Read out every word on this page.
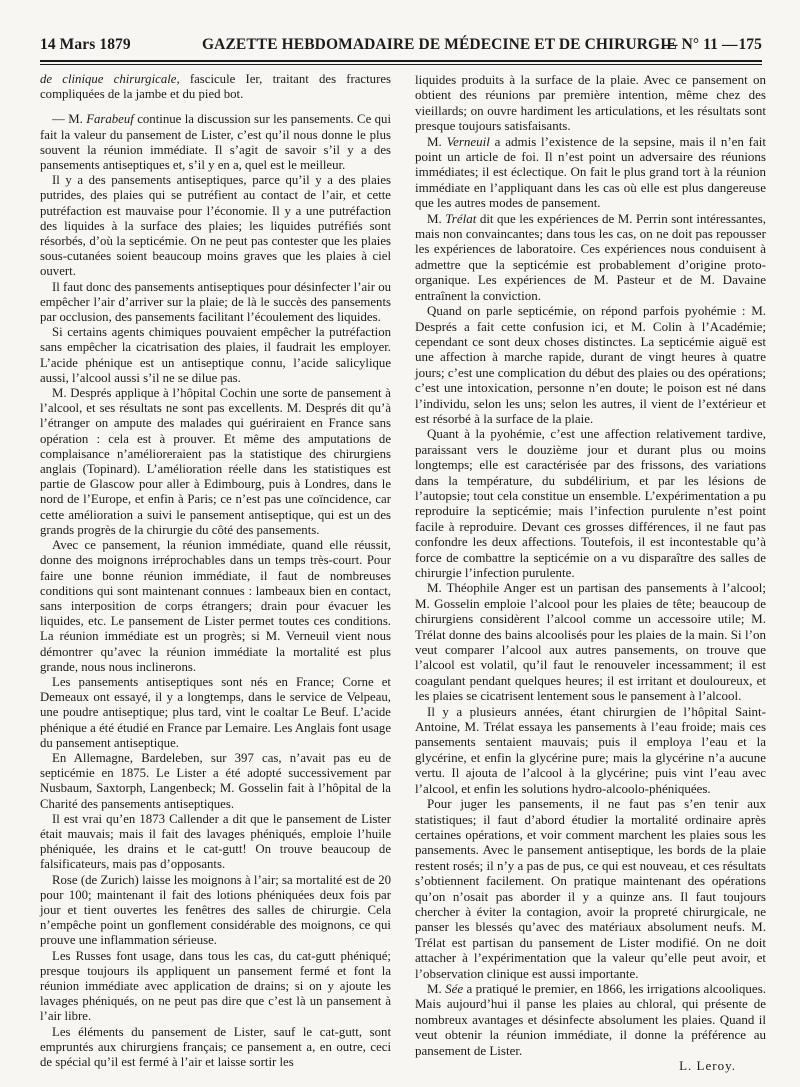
14 Mars 1879	GAZETTE HEBDOMADAIRE DE MÉDECINE ET DE CHIRURGIE
— N° 11 — 175

de clinique chirurgicale, fascicule Ier, traitant des fractures compliquées de la jambe et du pied bot.

— M. Farabeuf continue la discussion sur les pansements. Ce qui fait la valeur du pansement de Lister, c’est qu’il nous donne le plus souvent la réunion immédiate. Il s’agit de savoir s’il y a des pansements antiseptiques et, s’il y en a, quel est le meilleur.

Il y a des pansements antiseptiques, parce qu’il y a des plaies putrides, des plaies qui se putréfient au contact de l’air, et cette putréfaction est mauvaise pour l’économie. Il y a une putréfaction des liquides à la surface des plaies; les liquides putréfiés sont résorbés, d’où la septicémie. On ne peut pas contester que les plaies sous-cutanées soient beaucoup moins graves que les plaies à ciel ouvert.

Il faut donc des pansements antiseptiques pour désinfecter l’air ou empêcher l’air d’arriver sur la plaie; de là le succès des pansements par occlusion, des pansements facilitant l’écoulement des liquides.

Si certains agents chimiques pouvaient empêcher la putréfaction sans empêcher la cicatrisation des plaies, il faudrait les employer. L’acide phénique est un antiseptique connu, l’acide salicylique aussi, l’alcool aussi s’il ne se dilue pas.

M. Després applique à l’hôpital Cochin une sorte de pansement à l’alcool, et ses résultats ne sont pas excellents. M. Després dit qu’à l’étranger on ampute des malades qui guériraient en France sans opération : cela est à prouver. Et même des amputations de complaisance n’amélioreraient pas la statistique des chirurgiens anglais (Topinard). L’amélioration réelle dans les statistiques est partie de Glascow pour aller à Edimbourg, puis à Londres, dans le nord de l’Europe, et enfin à Paris; ce n’est pas une coïncidence, car cette amélioration a suivi le pansement antiseptique, qui est un des grands progrès de la chirurgie du côté des pansements.

Avec ce pansement, la réunion immédiate, quand elle réussit, donne des moignons irréprochables dans un temps très-court. Pour faire une bonne réunion immédiate, il faut de nombreuses conditions qui sont maintenant connues : lambeaux bien en contact, sans interposition de corps étrangers; drain pour évacuer les liquides, etc. Le pansement de Lister permet toutes ces conditions. La réunion immédiate est un progrès; si M. Verneuil vient nous démontrer qu’avec la réunion immédiate la mortalité est plus grande, nous nous inclinerons.

Les pansements antiseptiques sont nés en France; Corne et Demeaux ont essayé, il y a longtemps, dans le service de Velpeau, une poudre antiseptique; plus tard, vint le coaltar Le Beuf. L’acide phénique a été étudié en France par Lemaire. Les Anglais font usage du pansement antiseptique.

En Allemagne, Bardeleben, sur 397 cas, n’avait pas eu de septicémie en 1875. Le Lister a été adopté successivement par Nusbaum, Saxtorph, Langenbeck; M. Gosselin fait à l’hôpital de la Charité des pansements antiseptiques.

Il est vrai qu’en 1873 Callender a dit que le pansement de Lister était mauvais; mais il fait des lavages phéniqués, emploie l’huile phéniquée, les drains et le cat-gutt! On trouve beaucoup de falsificateurs, mais pas d’opposants.

Rose (de Zurich) laisse les moignons à l’air; sa mortalité est de 20 pour 100; maintenant il fait des lotions phéniquées deux fois par jour et tient ouvertes les fenêtres des salles de chirurgie. Cela n’empêche point un gonflement considérable des moignons, ce qui prouve une inflammation sérieuse.

Les Russes font usage, dans tous les cas, du cat-gutt phéniqué; presque toujours ils appliquent un pansement fermé et font la réunion immédiate avec application de drains; si on y ajoute les lavages phéniqués, on ne peut pas dire que c’est là un pansement à l’air libre.

Les éléments du pansement de Lister, sauf le cat-gutt, sont empruntés aux chirurgiens français; ce pansement a, en outre, ceci de spécial qu’il est fermé à l’air et laisse sortir les

liquides produits à la surface de la plaie. Avec ce pansement on obtient des réunions par première intention, même chez des vieillards; on ouvre hardiment les articulations, et les résultats sont presque toujours satisfaisants.

M. Verneuil a admis l’existence de la sepsine, mais il n’en fait point un article de foi. Il n’est point un adversaire des réunions immédiates; il est éclectique. On fait le plus grand tort à la réunion immédiate en l’appliquant dans les cas où elle est plus dangereuse que les autres modes de pansement.

M. Trélat dit que les expériences de M. Perrin sont intéressantes, mais non convaincantes; dans tous les cas, on ne doit pas repousser les expériences de laboratoire. Ces expériences nous conduisent à admettre que la septicémie est probablement d’origine proto-organique. Les expériences de M. Pasteur et de M. Davaine entraînent la conviction.

Quand on parle septicémie, on répond parfois pyohémie : M. Després a fait cette confusion ici, et M. Colin à l’Académie; cependant ce sont deux choses distinctes. La septicémie aiguë est une affection à marche rapide, durant de vingt heures à quatre jours; c’est une complication du début des plaies ou des opérations; c’est une intoxication, personne n’en doute; le poison est né dans l’individu, selon les uns; selon les autres, il vient de l’extérieur et est résorbé à la surface de la plaie.

Quant à la pyohémie, c’est une affection relativement tardive, paraissant vers le douzième jour et durant plus ou moins longtemps; elle est caractérisée par des frissons, des variations dans la température, du subdélirium, et par les lésions de l’autopsie; tout cela constitue un ensemble. L’expérimentation a pu reproduire la septicémie; mais l’infection purulente n’est point facile à reproduire. Devant ces grosses différences, il ne faut pas confondre les deux affections. Toutefois, il est incontestable qu’à force de combattre la septicémie on a vu disparaître des salles de chirurgie l’infection purulente.

M. Théophile Anger est un partisan des pansements à l’alcool; M. Gosselin emploie l’alcool pour les plaies de tête; beaucoup de chirurgiens considèrent l’alcool comme un accessoire utile; M. Trélat donne des bains alcoolisés pour les plaies de la main. Si l’on veut comparer l’alcool aux autres pansements, on trouve que l’alcool est volatil, qu’il faut le renouveler incessamment; il est coagulant pendant quelques heures; il est irritant et douloureux, et les plaies se cicatrisent lentement sous le pansement à l’alcool.

Il y a plusieurs années, étant chirurgien de l’hôpital Saint-Antoine, M. Trélat essaya les pansements à l’eau froide; mais ces pansements sentaient mauvais; puis il employa l’eau et la glycérine, et enfin la glycérine pure; mais la glycérine n’a aucune vertu. Il ajouta de l’alcool à la glycérine; puis vint l’eau avec l’alcool, et enfin les solutions hydro-alcoolo-phéniquées.

Pour juger les pansements, il ne faut pas s’en tenir aux statistiques; il faut d’abord étudier la mortalité ordinaire après certaines opérations, et voir comment marchent les plaies sous les pansements. Avec le pansement antiseptique, les bords de la plaie restent rosés; il n’y a pas de pus, ce qui est nouveau, et ces résultats s’obtiennent facilement. On pratique maintenant des opérations qu’on n’osait pas aborder il y a quinze ans. Il faut toujours chercher à éviter la contagion, avoir la propreté chirurgicale, ne panser les blessés qu’avec des matériaux absolument neufs. M. Trélat est partisan du pansement de Lister modifié. On ne doit attacher à l’expérimentation que la valeur qu’elle peut avoir, et l’observation clinique est aussi importante.

M. Sée a pratiqué le premier, en 1866, les irrigations alcooliques. Mais aujourd’hui il panse les plaies au chloral, qui présente de nombreux avantages et désinfecte absolument les plaies. Quand il veut obtenir la réunion immédiate, il donne la préférence au pansement de Lister.

L. Leroy.
